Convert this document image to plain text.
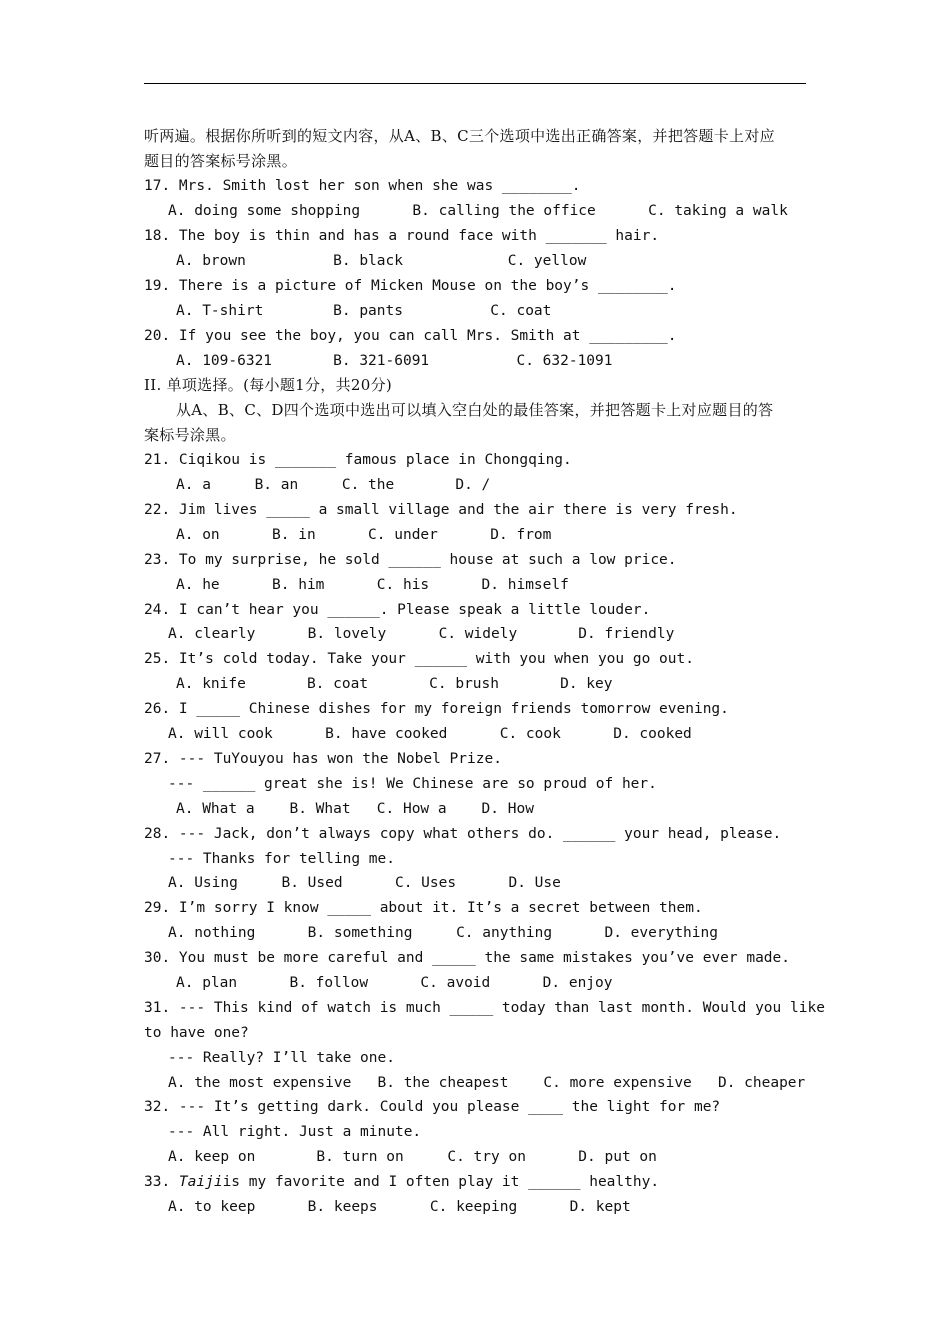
听两遍。根据你所听到的短文内容，从A、B、C三个选项中选出正确答案，并把答题卡上对应
题目的答案标号涂黑。
17. Mrs. Smith lost her son when she was ________.
A. doing some shopping      B. calling the office      C. taking a walk
18. The boy is thin and has a round face with _______ hair.
A. brown          B. black            C. yellow
19. There is a picture of Micken Mouse on the boy’s ________.
A. T-shirt        B. pants          C. coat
20. If you see the boy, you can call Mrs. Smith at _________.
A. 109-6321       B. 321-6091          C. 632-1091
II. 单项选择。(每小题1分，共20分)
从A、B、C、D四个选项中选出可以填入空白处的最佳答案，并把答题卡上对应题目的答
案标号涂黑。
21. Ciqikou is _______ famous place in Chongqing.
A. a     B. an     C. the       D. /
22. Jim lives _____ a small village and the air there is very fresh.
A. on      B. in      C. under      D. from
23. To my surprise, he sold ______ house at such a low price.
A. he      B. him      C. his      D. himself
24. I can’t hear you ______. Please speak a little louder.
A. clearly      B. lovely      C. widely       D. friendly
25. It’s cold today. Take your ______ with you when you go out.
A. knife       B. coat       C. brush       D. key
26. I _____ Chinese dishes for my foreign friends tomorrow evening.
A. will cook      B. have cooked      C. cook      D. cooked
27. --- TuYouyou has won the Nobel Prize.
--- ______ great she is! We Chinese are so proud of her.
A. What a    B. What   C. How a    D. How
28. --- Jack, don’t always copy what others do. ______ your head, please.
--- Thanks for telling me.
A. Using     B. Used      C. Uses      D. Use
29. I’m sorry I know _____ about it. It’s a secret between them.
A. nothing      B. something     C. anything      D. everything
30. You must be more careful and _____ the same mistakes you’ve ever made.
A. plan      B. follow      C. avoid      D. enjoy
31. --- This kind of watch is much _____ today than last month. Would you like
to have one?
--- Really? I’ll take one.
A. the most expensive   B. the cheapest    C. more expensive   D. cheaper
32. --- It’s getting dark. Could you please ____ the light for me?
--- All right. Just a minute.
A. keep on       B. turn on     C. try on      D. put on
33. Taijiis my favorite and I often play it ______ healthy.
A. to keep      B. keeps      C. keeping      D. kept
